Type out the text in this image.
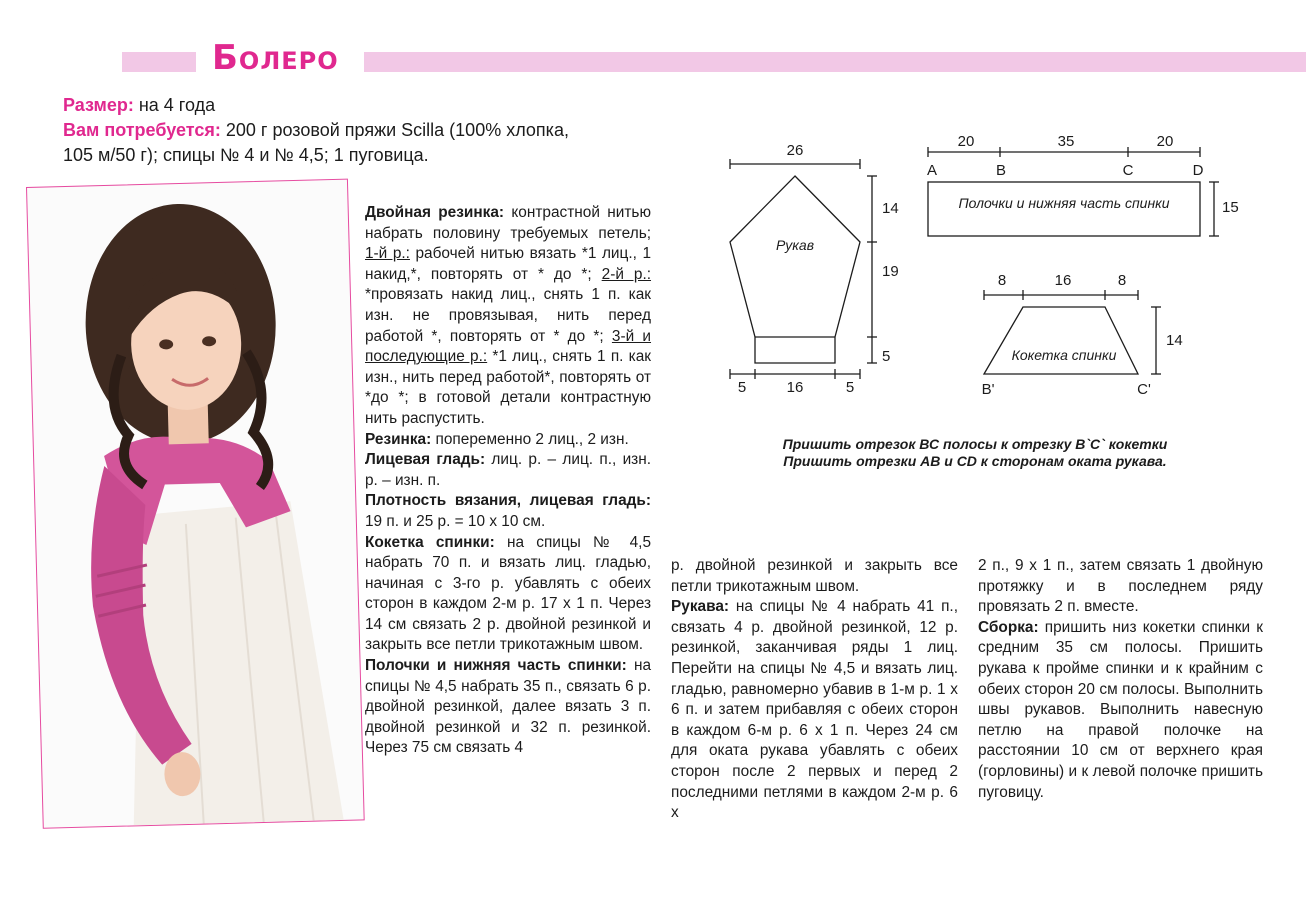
Болеро
Размер: на 4 года
Вам потребуется: 200 г розовой пряжи Scilla (100% хлопка,
105 м/50 г); спицы № 4 и № 4,5; 1 пуговица.

Двойная резинка: контрастной нитью набрать половину требуемых петель; 1-й р.: рабочей нитью вязать *1 лиц., 1 накид,*, повторять от * до *; 2-й р.: *провязать накид лиц., снять 1 п. как изн. не провязывая, нить перед работой *, повторять от * до *; 3-й и последующие р.: *1 лиц., снять 1 п. как изн., нить перед работой*, повторять от *до *; в готовой детали контрастную нить распустить.

Резинка: попеременно 2 лиц., 2 изн.

Лицевая гладь: лиц. р. – лиц. п., изн. р. – изн. п.

Плотность вязания, лицевая гладь: 19 п. и 25 р. = 10 х 10 см.

Кокетка спинки: на спицы № 4,5 набрать 70 п. и вязать лиц. гладью, начиная с 3-го р. убавлять с обеих сторон в каждом 2-м р. 17 х 1 п. Через 14 см связать 2 р. двойной резинкой и закрыть все петли трикотажным швом.

Полочки и нижняя часть спинки: на спицы № 4,5 набрать 35 п., связать 6 р. двойной резинкой, далее вязать 3 п. двойной резинкой и 32 п. резинкой. Через 75 см связать 4

р. двойной резинкой и закрыть все петли трикотажным швом.

Рукава: на спицы № 4 набрать 41 п., связать 4 р. двойной резинкой, 12 р. резинкой, заканчивая ряды 1 лиц. Перейти на спицы № 4,5 и вязать лиц. гладью, равномерно убавив в 1-м р. 1 х 6 п. и затем прибавляя с обеих сторон в каждом 6-м р. 6 х 1 п. Через 24 см для оката рукава убавлять с обеих сторон после 2 первых и перед 2 последними петлями в каждом 2-м р. 6 х

2 п., 9 х 1 п., затем связать 1 двойную протяжку и в последнем ряду провязать 2 п. вместе.

Сборка: пришить низ кокетки спинки к средним 35 см полосы. Пришить рукава к пройме спинки и к крайним с обеих сторон 20 см полосы. Выполнить швы рукавов. Выполнить навесную петлю на правой полочке на расстоянии 10 см от верхнего края (горловины) и к левой полочке пришить пуговицу.

26
Рукав
14
19
5
5	16	5
20	35	20
A	B	C	D
Полочки и нижняя часть спинки	15
8	16	8
Кокетка спинки
14
B'	C'
Пришить отрезок ВС полосы к отрезку В`С` кокетки
Пришить отрезки АВ и CD к сторонам оката рукава.
